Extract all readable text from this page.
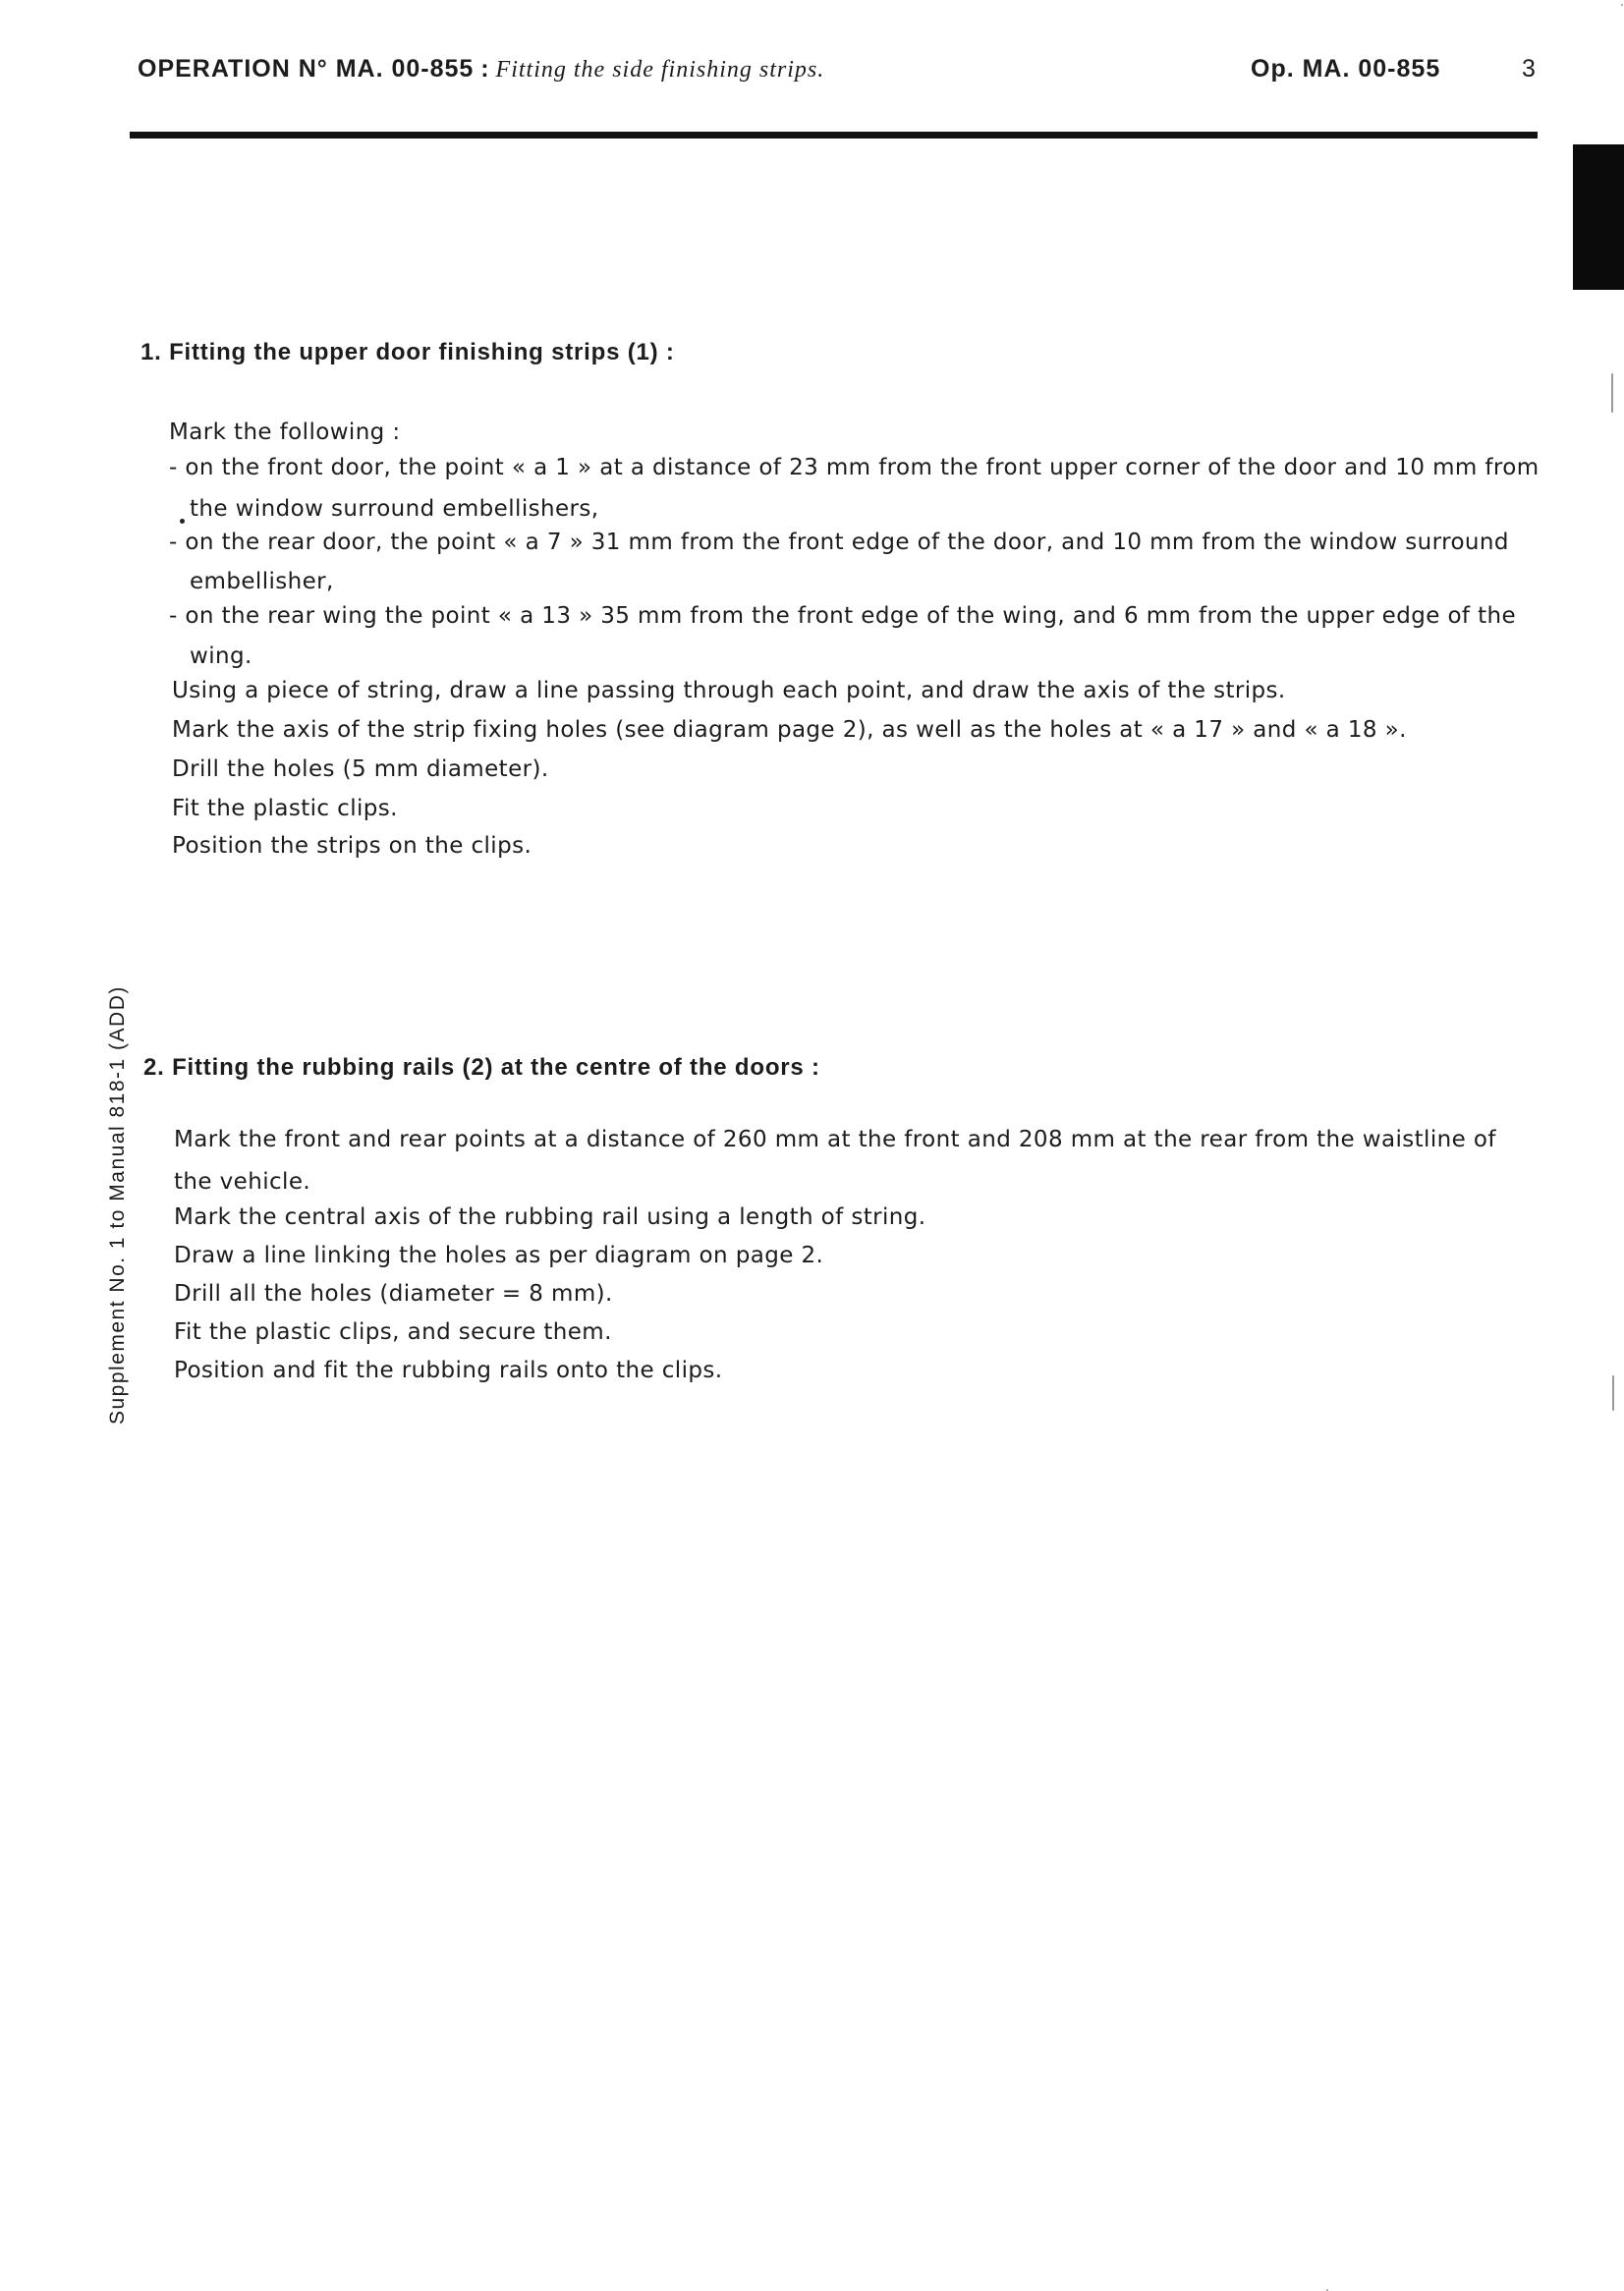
OPERATION N° MA. 00-855 : Fitting the side finishing strips.	Op. MA. 00-855	3
Supplement No. 1 to Manual 818-1 (ADD)
1. Fitting the upper door finishing strips (1) :
Mark the following :
- on the front door, the point « a 1 » at a distance of 23 mm from the front upper corner of the door and 10 mm from
the window surround embellishers,
- on the rear door, the point « a 7 » 31 mm from the front edge of the door, and 10 mm from the window surround
embellisher,
- on the rear wing the point « a 13 » 35 mm from the front edge of the wing, and 6 mm from the upper edge of the
wing.
Using a piece of string, draw a line passing through each point, and draw the axis of the strips.
Mark the axis of the strip fixing holes (see diagram page 2), as well as the holes at « a 17 » and « a 18 ».
Drill the holes (5 mm diameter).
Fit the plastic clips.
Position the strips on the clips.
2. Fitting the rubbing rails (2) at the centre of the doors :
Mark the front and rear points at a distance of 260 mm at the front and 208 mm at the rear from the waistline of
the vehicle.
Mark the central axis of the rubbing rail using a length of string.
Draw a line linking the holes as per diagram on page 2.
Drill all the holes (diameter = 8 mm).
Fit the plastic clips, and secure them.
Position and fit the rubbing rails onto the clips.
